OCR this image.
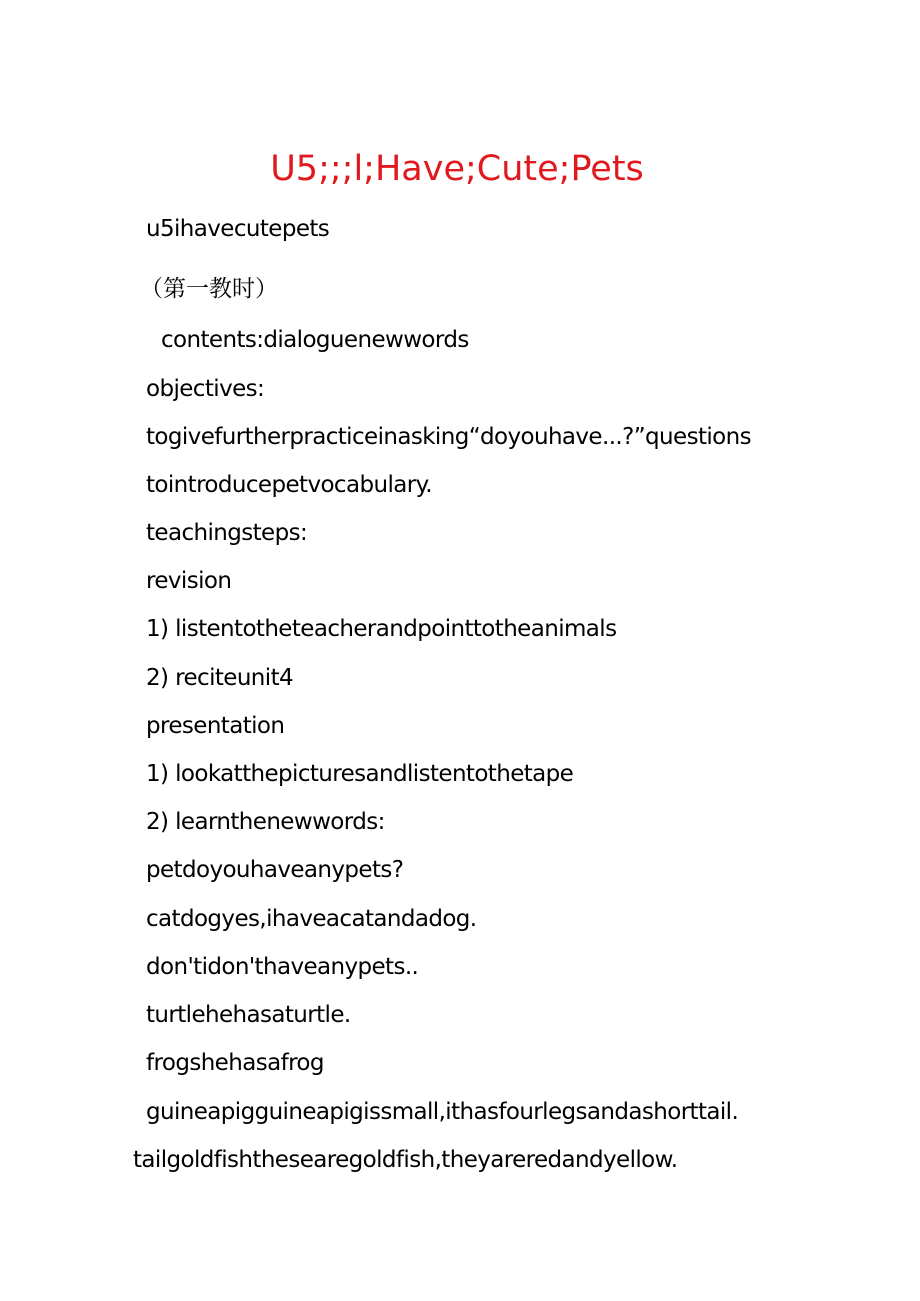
U5;;;l;Have;Cute;Pets
u5ihavecutepets
（第一教时）
contents:dialoguenewwords
objectives:
togivefurtherpracticeinasking“doyouhave...?”questions
tointroducepetvocabulary.
teachingsteps:
revision
1) listentotheteacherandpointtotheanimals
2) reciteunit4
presentation
1) lookatthepicturesandlistentothetape
2) learnthenewwords:
petdoyouhaveanypets?
catdogyes,ihaveacatandadog.
don'tidon'thaveanypets..
turtlehehasaturtle.
frogshehasafrog
guineapigguineapigissmall,ithasfourlegsandashorttail.
tailgoldfishthesearegoldfish,theyareredandyellow.
